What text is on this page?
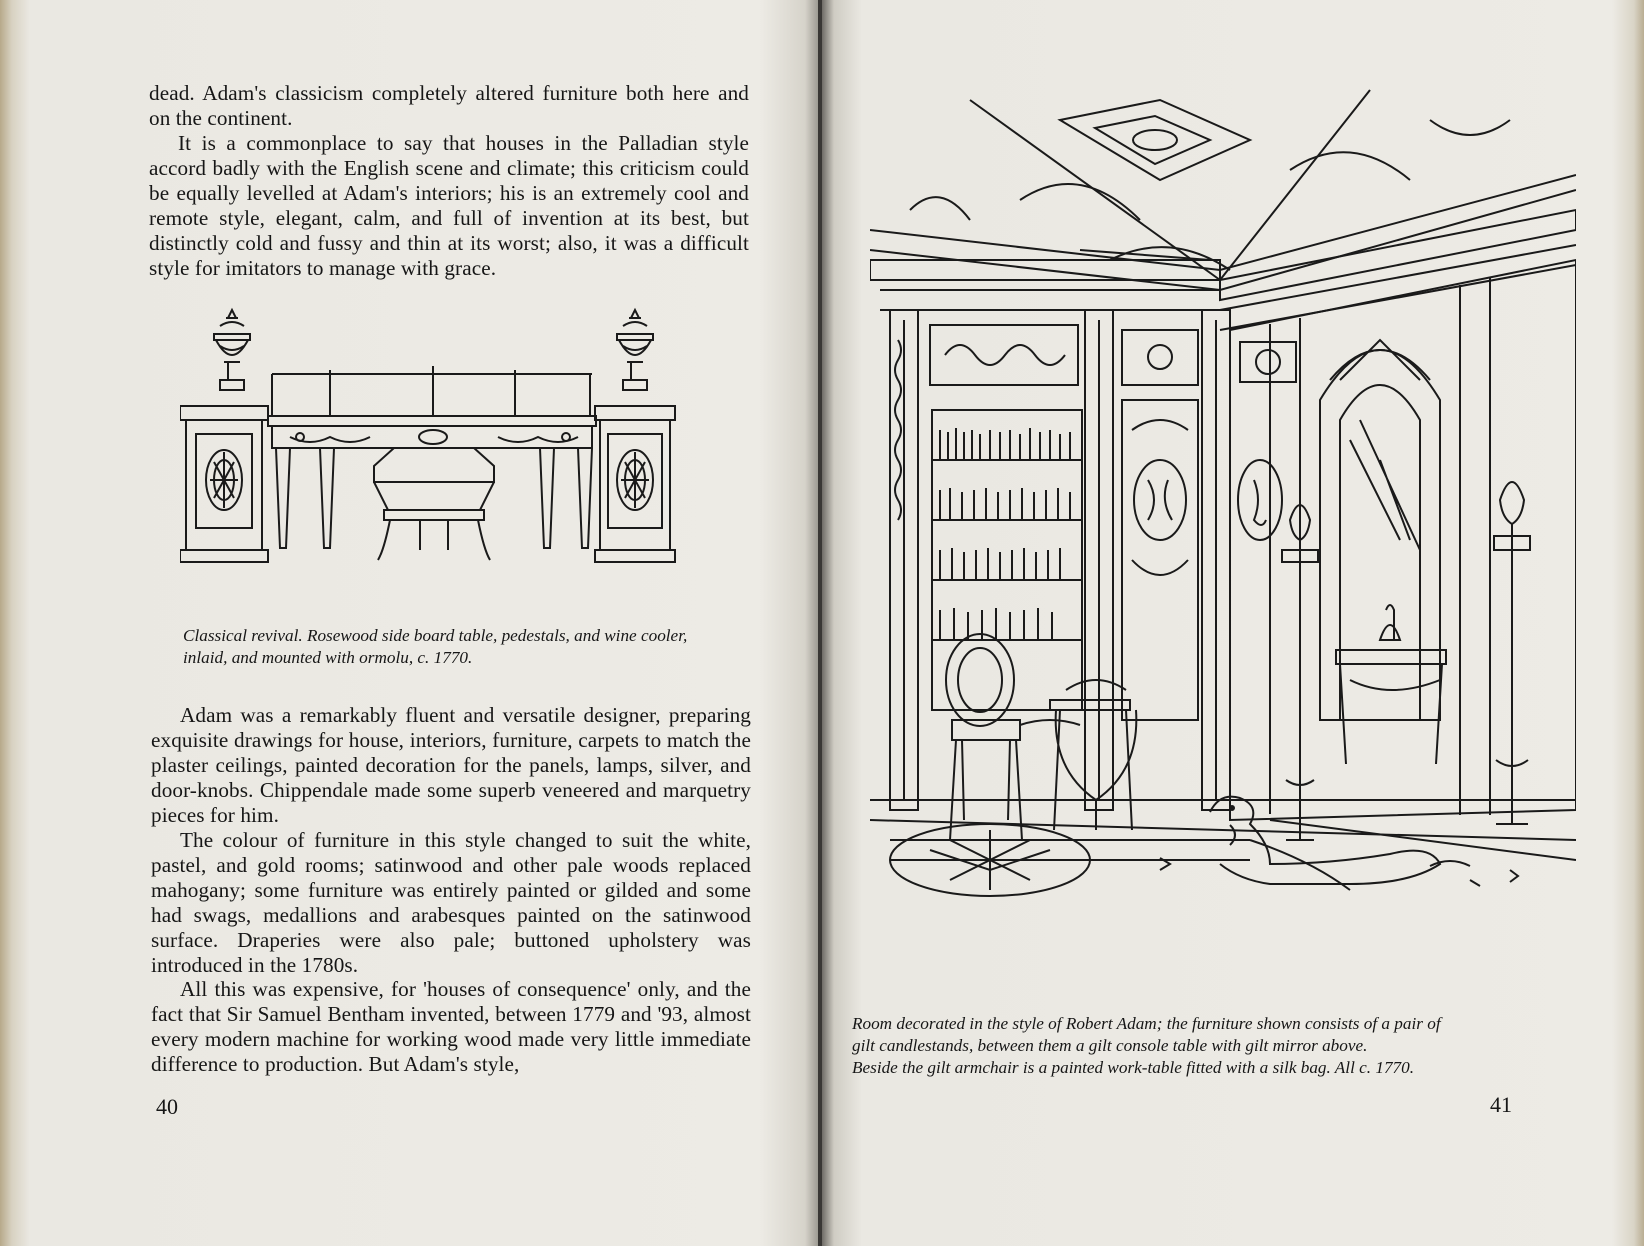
dead. Adam's classicism completely altered furniture both here and on the continent.

It is a commonplace to say that houses in the Palladian style accord badly with the English scene and climate; this criticism could be equally levelled at Adam's interiors; his is an extremely cool and remote style, elegant, calm, and full of invention at its best, but distinctly cold and fussy and thin at its worst; also, it was a difficult style for imitators to manage with grace.

Classical revival. Rosewood side board table, pedestals, and wine cooler, inlaid, and mounted with ormolu, c. 1770.

Adam was a remarkably fluent and versatile designer, preparing exquisite drawings for house, interiors, furniture, carpets to match the plaster ceilings, painted decoration for the panels, lamps, silver, and door-knobs. Chippendale made some superb veneered and marquetry pieces for him.

The colour of furniture in this style changed to suit the white, pastel, and gold rooms; satinwood and other pale woods replaced mahogany; some furniture was entirely painted or gilded and some had swags, medallions and arabesques painted on the satinwood surface. Draperies were also pale; buttoned upholstery was introduced in the 1780s.

All this was expensive, for 'houses of consequence' only, and the fact that Sir Samuel Bentham invented, between 1779 and '93, almost every modern machine for working wood made very little immediate difference to production. But Adam's style,

40

Room decorated in the style of Robert Adam; the furniture shown consists of a pair of

gilt candlestands, between them a gilt console table with gilt mirror above.

Beside the gilt armchair is a painted work-table fitted with a silk bag. All c. 1770.

41
